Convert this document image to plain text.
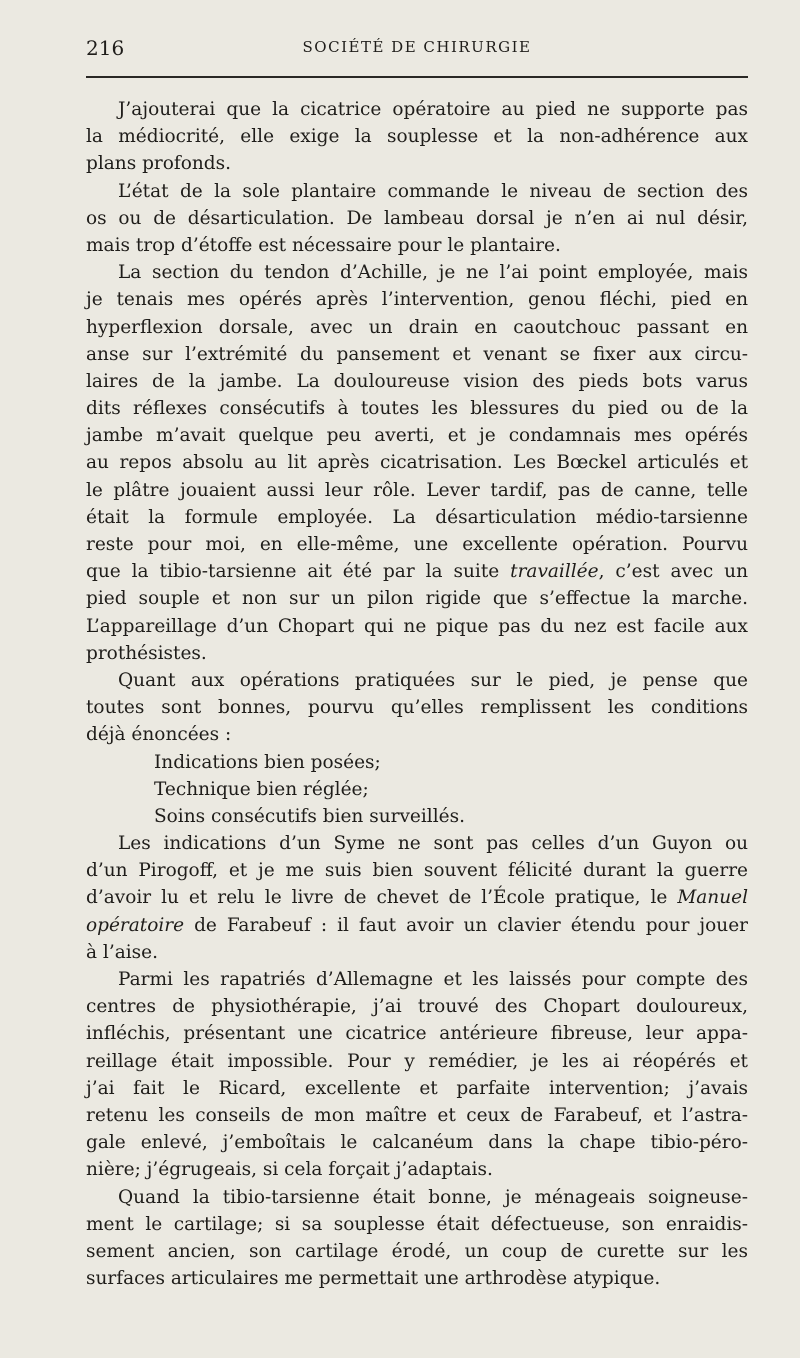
216	SOCIÉTÉ DE CHIRURGIE
J’ajouterai que la cicatrice opératoire au pied ne supporte pas
la médiocrité, elle exige la souplesse et la non-adhérence aux
plans profonds.
L’état de la sole plantaire commande le niveau de section des
os ou de désarticulation. De lambeau dorsal je n’en ai nul désir,
mais trop d’étoffe est nécessaire pour le plantaire.
La section du tendon d’Achille, je ne l’ai point employée, mais
je tenais mes opérés après l’intervention, genou fléchi, pied en
hyperflexion dorsale, avec un drain en caoutchouc passant en
anse sur l’extrémité du pansement et venant se fixer aux circu-
laires de la jambe. La douloureuse vision des pieds bots varus
dits réflexes consécutifs à toutes les blessures du pied ou de la
jambe m’avait quelque peu averti, et je condamnais mes opérés
au repos absolu au lit après cicatrisation. Les Bœckel articulés et
le plâtre jouaient aussi leur rôle. Lever tardif, pas de canne, telle
était la formule employée. La désarticulation médio-tarsienne
reste pour moi, en elle-même, une excellente opération. Pourvu
que la tibio-tarsienne ait été par la suite travaillée, c’est avec un
pied souple et non sur un pilon rigide que s’effectue la marche.
L’appareillage d’un Chopart qui ne pique pas du nez est facile aux
prothésistes.
Quant aux opérations pratiquées sur le pied, je pense que
toutes sont bonnes, pourvu qu’elles remplissent les conditions
déjà énoncées :
Indications bien posées;
Technique bien réglée;
Soins consécutifs bien surveillés.
Les indications d’un Syme ne sont pas celles d’un Guyon ou
d’un Pirogoff, et je me suis bien souvent félicité durant la guerre
d’avoir lu et relu le livre de chevet de l’École pratique, le Manuel
opératoire de Farabeuf : il faut avoir un clavier étendu pour jouer
à l’aise.
Parmi les rapatriés d’Allemagne et les laissés pour compte des
centres de physiothérapie, j’ai trouvé des Chopart douloureux,
infléchis, présentant une cicatrice antérieure fibreuse, leur appa-
reillage était impossible. Pour y remédier, je les ai réopérés et
j’ai fait le Ricard, excellente et parfaite intervention; j’avais
retenu les conseils de mon maître et ceux de Farabeuf, et l’astra-
gale enlevé, j’emboîtais le calcanéum dans la chape tibio-péro-
nière; j’égrugeais, si cela forçait j’adaptais.
Quand la tibio-tarsienne était bonne, je ménageais soigneuse-
ment le cartilage; si sa souplesse était défectueuse, son enraidis-
sement ancien, son cartilage érodé, un coup de curette sur les
surfaces articulaires me permettait une arthrodèse atypique.
